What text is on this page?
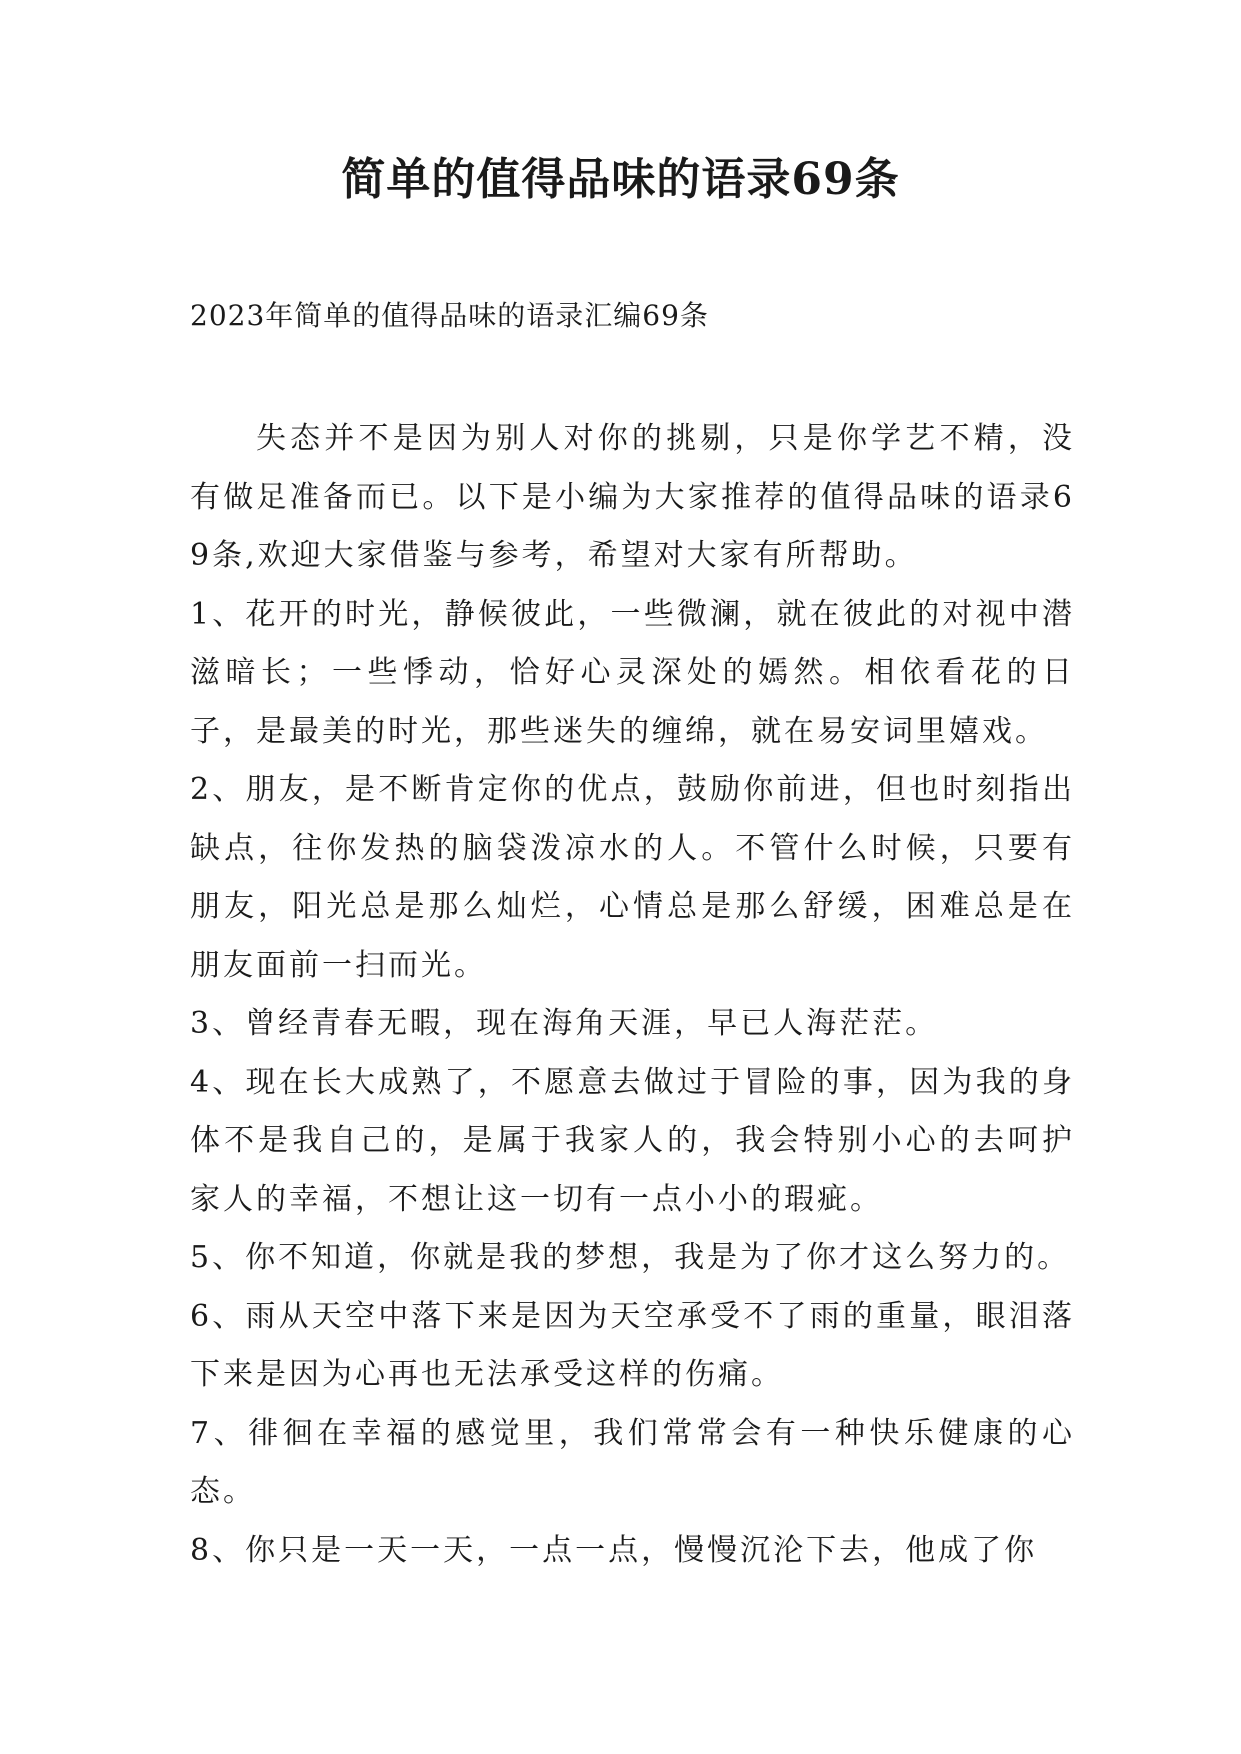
简单的值得品味的语录69条
2023年简单的值得品味的语录汇编69条

失态并不是因为别人对你的挑剔，只是你学艺不精，没有做足准备而已。以下是小编为大家推荐的值得品味的语录69条,欢迎大家借鉴与参考，希望对大家有所帮助。

1、花开的时光，静候彼此，一些微澜，就在彼此的对视中潜滋暗长；一些悸动，恰好心灵深处的嫣然。相依看花的日子，是最美的时光，那些迷失的缠绵，就在易安词里嬉戏。

2、朋友，是不断肯定你的优点，鼓励你前进，但也时刻指出缺点，往你发热的脑袋泼凉水的人。不管什么时候，只要有朋友，阳光总是那么灿烂，心情总是那么舒缓，困难总是在朋友面前一扫而光。

3、曾经青春无暇，现在海角天涯，早已人海茫茫。

4、现在长大成熟了，不愿意去做过于冒险的事，因为我的身体不是我自己的，是属于我家人的，我会特别小心的去呵护家人的幸福，不想让这一切有一点小小的瑕疵。

5、你不知道，你就是我的梦想，我是为了你才这么努力的。

6、雨从天空中落下来是因为天空承受不了雨的重量，眼泪落下来是因为心再也无法承受这样的伤痛。

7、徘徊在幸福的感觉里，我们常常会有一种快乐健康的心态。

8、你只是一天一天，一点一点，慢慢沉沦下去，他成了你
